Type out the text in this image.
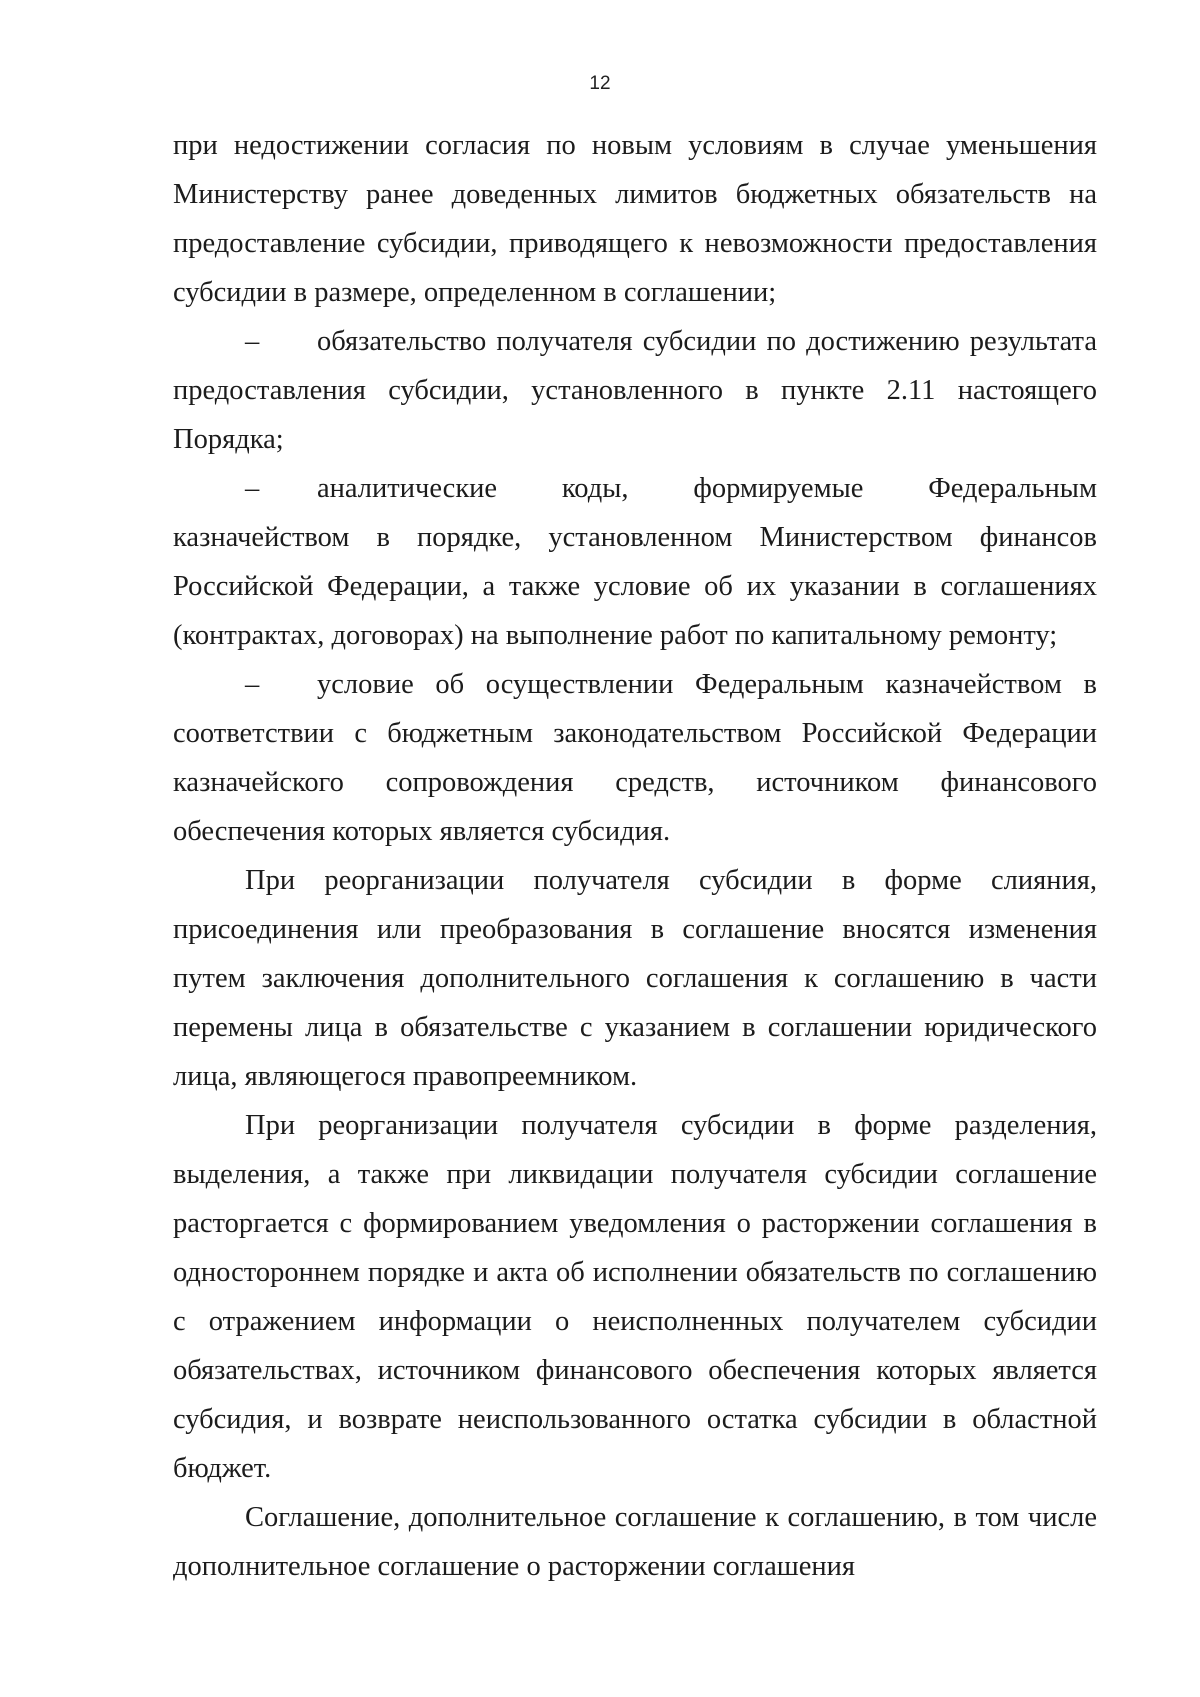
12

при недостижении согласия по новым условиям в случае уменьшения Министерству ранее доведенных лимитов бюджетных обязательств на предоставление субсидии, приводящего к невозможности предоставления субсидии в размере, определенном в соглашении;

– обязательство получателя субсидии по достижению результата предоставления субсидии, установленного в пункте 2.11 настоящего Порядка;

– аналитические коды, формируемые Федеральным казначейством в порядке, установленном Министерством финансов Российской Федерации, а также условие об их указании в соглашениях (контрактах, договорах) на выполнение работ по капитальному ремонту;

– условие об осуществлении Федеральным казначейством в соответствии с бюджетным законодательством Российской Федерации казначейского сопровождения средств, источником финансового обеспечения которых является субсидия.

При реорганизации получателя субсидии в форме слияния, присоединения или преобразования в соглашение вносятся изменения путем заключения дополнительного соглашения к соглашению в части перемены лица в обязательстве с указанием в соглашении юридического лица, являющегося правопреемником.

При реорганизации получателя субсидии в форме разделения, выделения, а также при ликвидации получателя субсидии соглашение расторгается с формированием уведомления о расторжении соглашения в одностороннем порядке и акта об исполнении обязательств по соглашению с отражением информации о неисполненных получателем субсидии обязательствах, источником финансового обеспечения которых является субсидия, и возврате неиспользованного остатка субсидии в областной бюджет.

Соглашение, дополнительное соглашение к соглашению, в том числе дополнительное соглашение о расторжении соглашения
